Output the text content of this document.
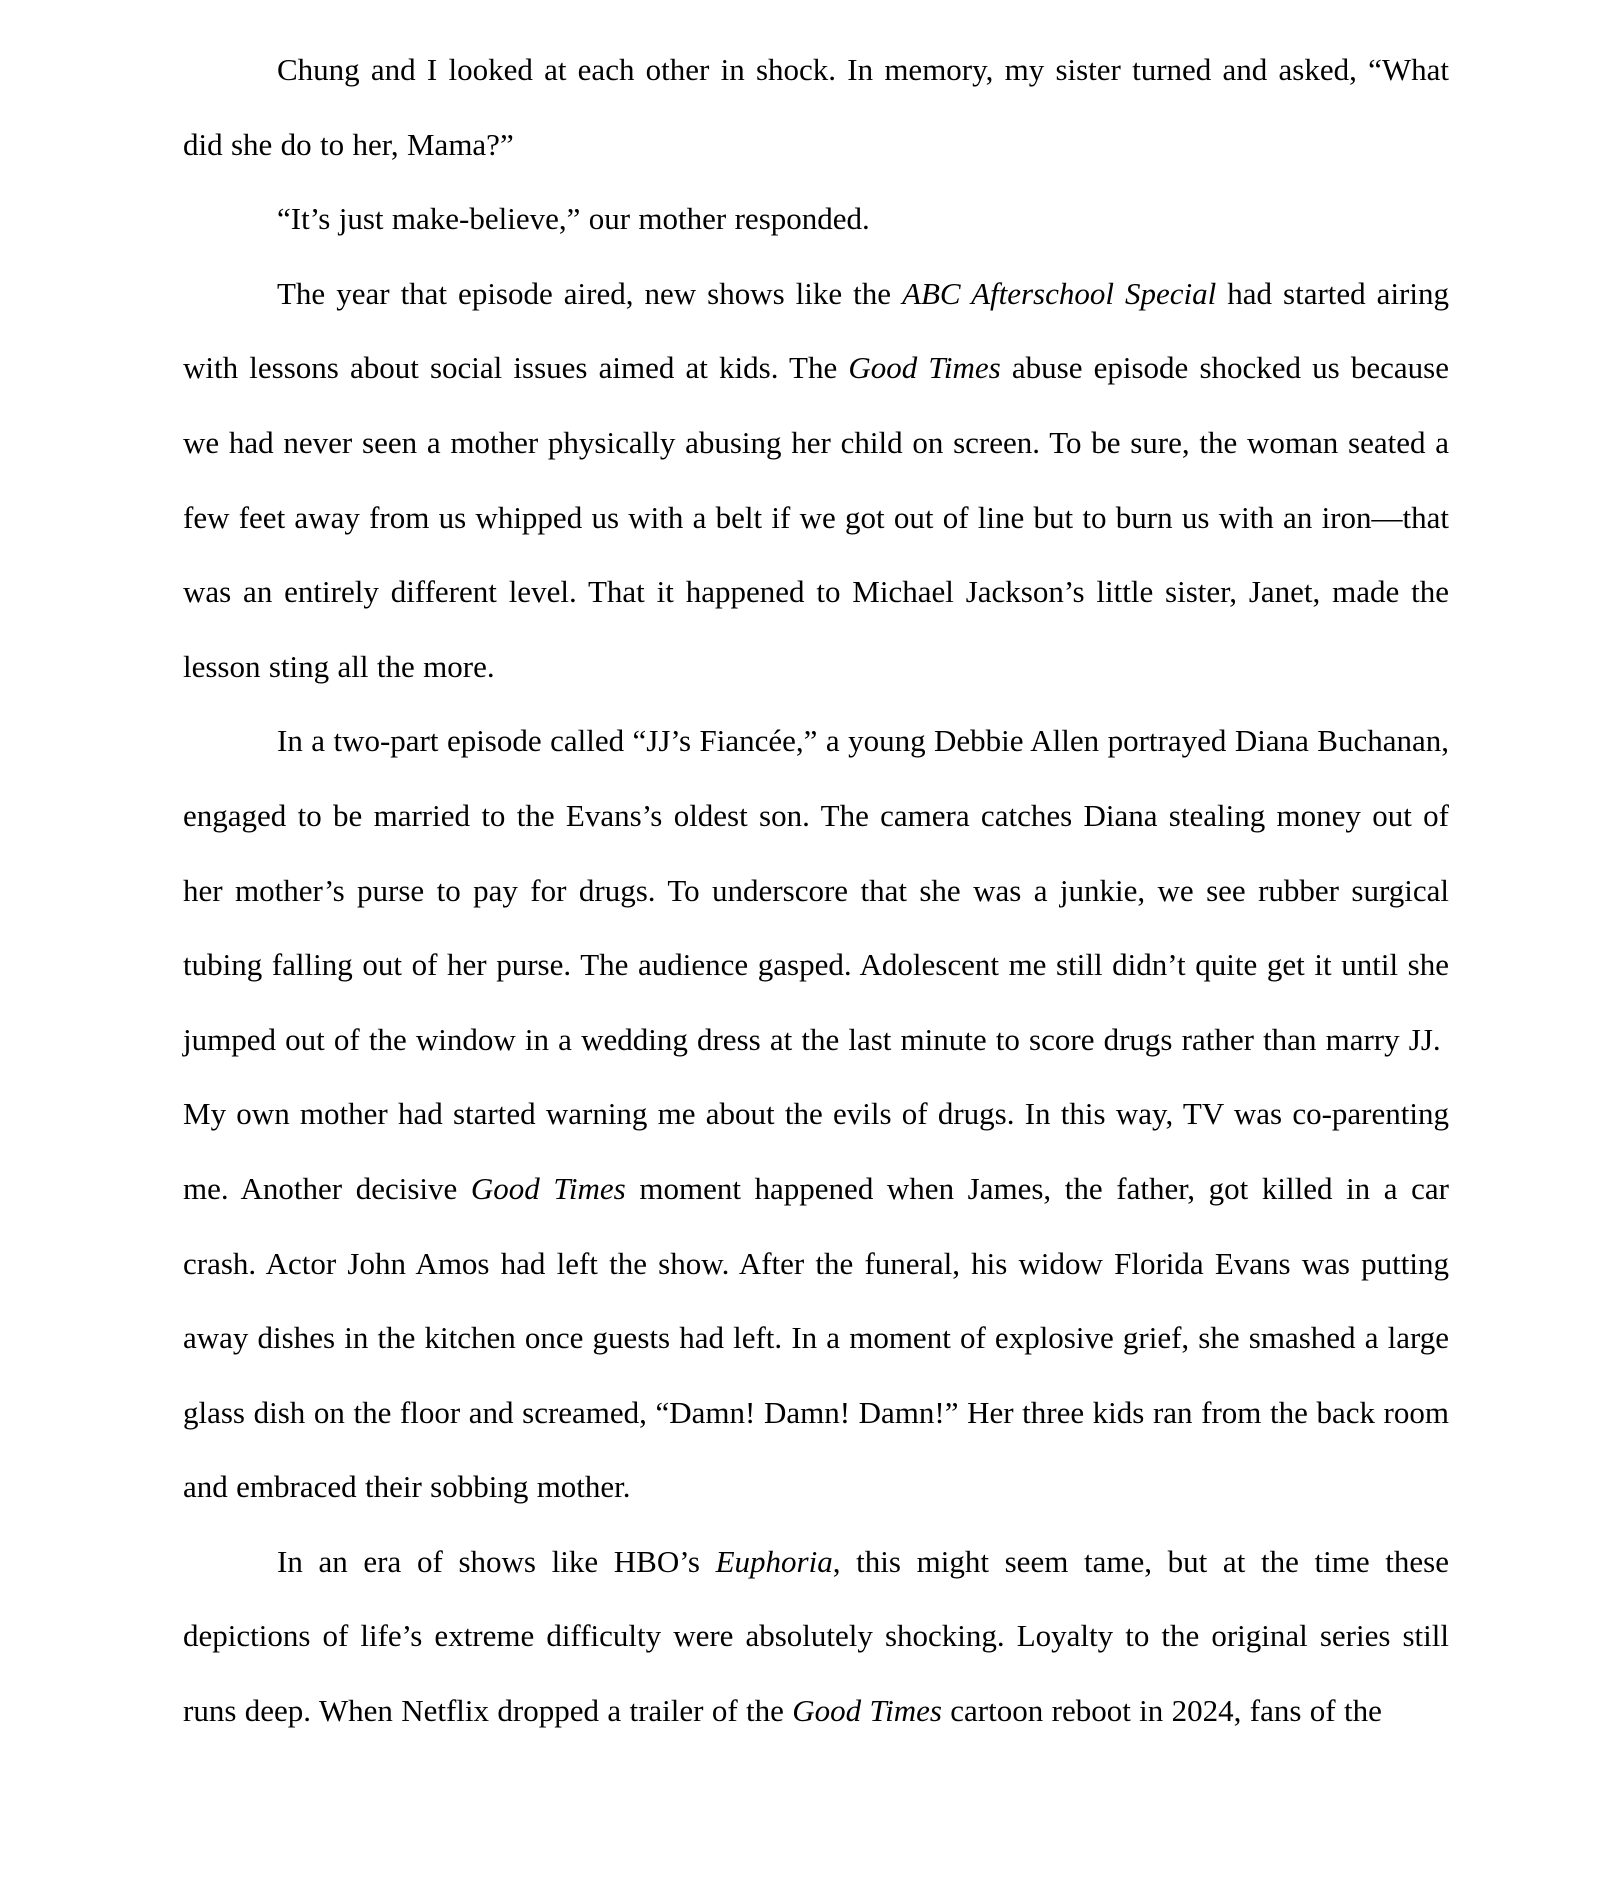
Chung and I looked at each other in shock. In memory, my sister turned and asked, “What did she do to her, Mama?”

“It’s just make-believe,” our mother responded.

The year that episode aired, new shows like the ABC Afterschool Special had started airing with lessons about social issues aimed at kids. The Good Times abuse episode shocked us because we had never seen a mother physically abusing her child on screen. To be sure, the woman seated a few feet away from us whipped us with a belt if we got out of line but to burn us with an iron—that was an entirely different level. That it happened to Michael Jackson’s little sister, Janet, made the lesson sting all the more.

In a two-part episode called “JJ’s Fiancée,” a young Debbie Allen portrayed Diana Buchanan, engaged to be married to the Evans’s oldest son. The camera catches Diana stealing money out of her mother’s purse to pay for drugs. To underscore that she was a junkie, we see rubber surgical tubing falling out of her purse. The audience gasped. Adolescent me still didn’t quite get it until she jumped out of the window in a wedding dress at the last minute to score drugs rather than marry JJ.  My own mother had started warning me about the evils of drugs. In this way, TV was co-parenting me. Another decisive Good Times moment happened when James, the father, got killed in a car crash. Actor John Amos had left the show. After the funeral, his widow Florida Evans was putting away dishes in the kitchen once guests had left. In a moment of explosive grief, she smashed a large glass dish on the floor and screamed, “Damn! Damn! Damn!” Her three kids ran from the back room and embraced their sobbing mother.

In an era of shows like HBO’s Euphoria, this might seem tame, but at the time these depictions of life’s extreme difficulty were absolutely shocking. Loyalty to the original series still runs deep. When Netflix dropped a trailer of the Good Times cartoon reboot in 2024, fans of the
